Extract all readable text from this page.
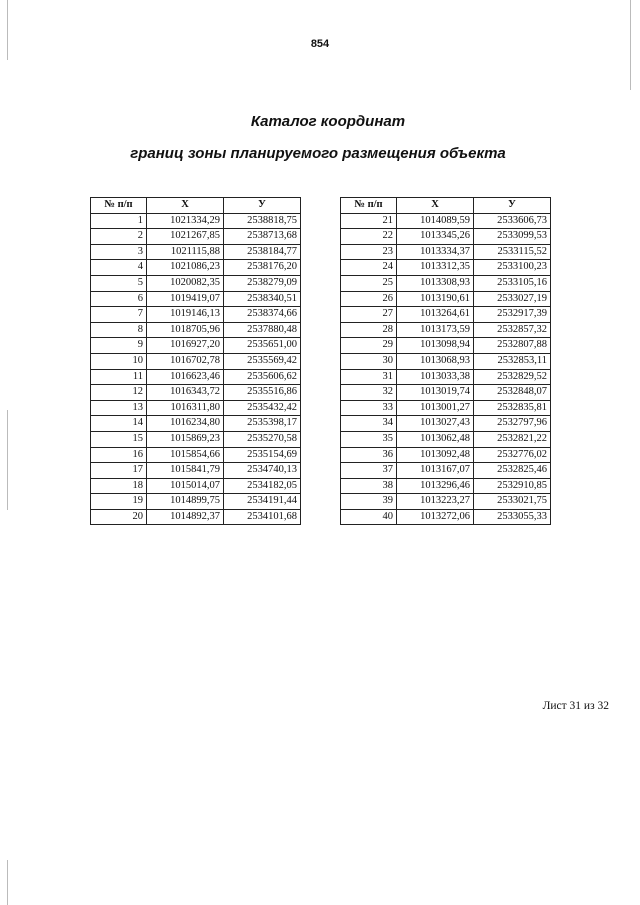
854
Каталог координат
границ зоны планируемого размещения объекта
№ п/п	X	У
1	1021334,29	2538818,75
2	1021267,85	2538713,68
3	1021115,88	2538184,77
4	1021086,23	2538176,20
5	1020082,35	2538279,09
6	1019419,07	2538340,51
7	1019146,13	2538374,66
8	1018705,96	2537880,48
9	1016927,20	2535651,00
10	1016702,78	2535569,42
11	1016623,46	2535606,62
12	1016343,72	2535516,86
13	1016311,80	2535432,42
14	1016234,80	2535398,17
15	1015869,23	2535270,58
16	1015854,66	2535154,69
17	1015841,79	2534740,13
18	1015014,07	2534182,05
19	1014899,75	2534191,44
20	1014892,37	2534101,68
№ п/п	X	У
21	1014089,59	2533606,73
22	1013345,26	2533099,53
23	1013334,37	2533115,52
24	1013312,35	2533100,23
25	1013308,93	2533105,16
26	1013190,61	2533027,19
27	1013264,61	2532917,39
28	1013173,59	2532857,32
29	1013098,94	2532807,88
30	1013068,93	2532853,11
31	1013033,38	2532829,52
32	1013019,74	2532848,07
33	1013001,27	2532835,81
34	1013027,43	2532797,96
35	1013062,48	2532821,22
36	1013092,48	2532776,02
37	1013167,07	2532825,46
38	1013296,46	2532910,85
39	1013223,27	2533021,75
40	1013272,06	2533055,33
Лист 31 из 32
